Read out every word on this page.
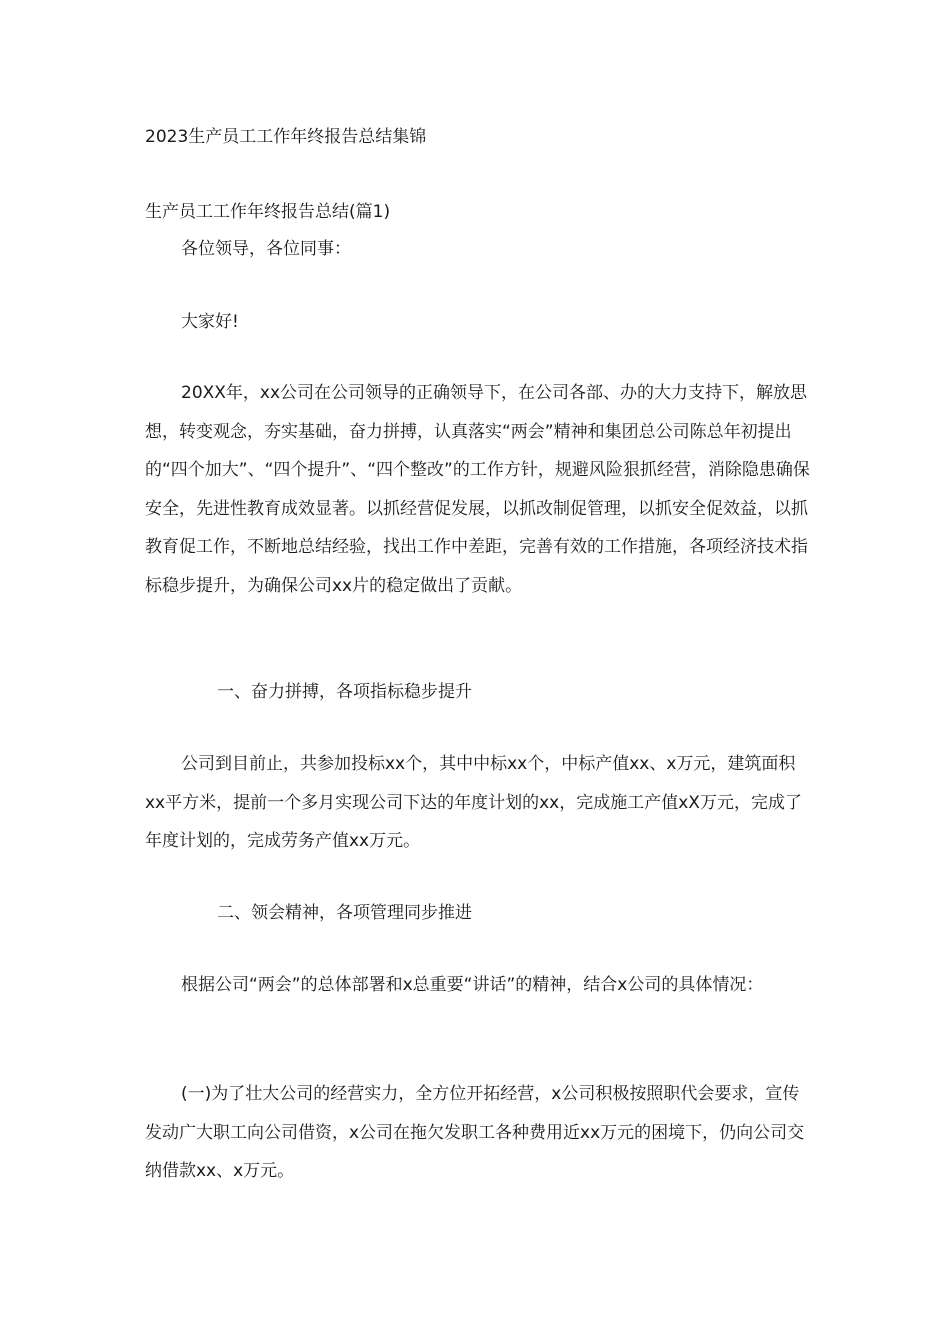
2023生产员工工作年终报告总结集锦
生产员工工作年终报告总结(篇1)

各位领导，各位同事：

大家好!

20XX年，xx公司在公司领导的正确领导下，在公司各部、办的大力支持下，解放思想，转变观念，夯实基础，奋力拼搏，认真落实“两会”精神和集团总公司陈总年初提出的“四个加大”、“四个提升”、“四个整改”的工作方针，规避风险狠抓经营，消除隐患确保安全，先进性教育成效显著。以抓经营促发展，以抓改制促管理，以抓安全促效益，以抓教育促工作，不断地总结经验，找出工作中差距，完善有效的工作措施，各项经济技术指标稳步提升，为确保公司xx片的稳定做出了贡献。

一、奋力拼搏，各项指标稳步提升

公司到目前止，共参加投标xx个，其中中标xx个，中标产值xx、x万元，建筑面积xx平方米，提前一个多月实现公司下达的年度计划的xx，完成施工产值xX万元，完成了年度计划的，完成劳务产值xx万元。

二、领会精神，各项管理同步推进

根据公司“两会”的总体部署和x总重要“讲话”的精神，结合x公司的具体情况：

(一)为了壮大公司的经营实力，全方位开拓经营，x公司积极按照职代会要求，宣传发动广大职工向公司借资，x公司在拖欠发职工各种费用近xx万元的困境下，仍向公司交纳借款xx、x万元。
